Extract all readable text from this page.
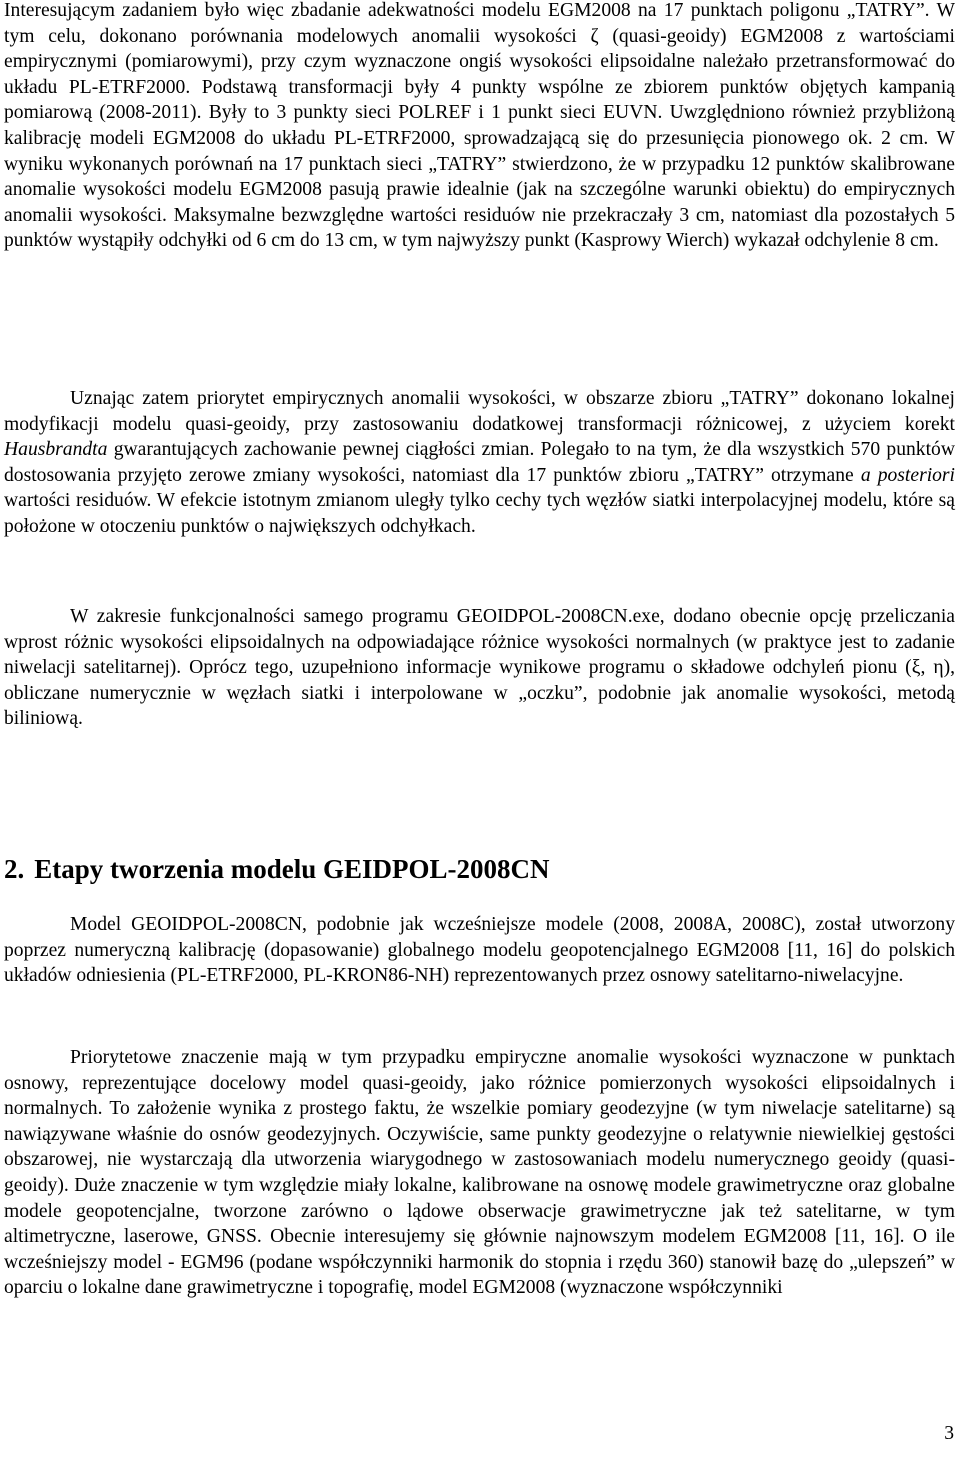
Interesującym zadaniem było więc zbadanie adekwatności modelu EGM2008 na 17 punktach poligonu „TATRY”. W tym celu, dokonano porównania modelowych anomalii wysokości ζ (quasi-geoidy) EGM2008 z wartościami empirycznymi (pomiarowymi), przy czym wyznaczone ongiś wysokości elipsoidalne należało przetransformować do układu PL-ETRF2000. Podstawą transformacji były 4 punkty wspólne ze zbiorem punktów objętych kampanią pomiarową (2008-2011). Były to 3 punkty sieci POLREF i 1 punkt sieci EUVN. Uwzględniono również przybliżoną kalibrację modeli EGM2008 do układu PL-ETRF2000, sprowadzającą się do przesunięcia pionowego ok. 2 cm. W wyniku wykonanych porównań na 17 punktach sieci „TATRY” stwierdzono, że w przypadku 12 punktów skalibrowane anomalie wysokości modelu EGM2008 pasują prawie idealnie (jak na szczególne warunki obiektu) do empirycznych anomalii wysokości. Maksymalne bezwzględne wartości residuów nie przekraczały 3 cm, natomiast dla pozostałych 5 punktów wystąpiły odchyłki od 6 cm do 13 cm, w tym najwyższy punkt (Kasprowy Wierch) wykazał odchylenie 8 cm.

Uznając zatem priorytet empirycznych anomalii wysokości, w obszarze zbioru „TATRY” dokonano lokalnej modyfikacji modelu quasi-geoidy, przy zastosowaniu dodatkowej transformacji różnicowej, z użyciem korekt Hausbrandta gwarantujących zachowanie pewnej ciągłości zmian. Polegało to na tym, że dla wszystkich 570 punktów dostosowania przyjęto zerowe zmiany wysokości, natomiast dla 17 punktów zbioru „TATRY” otrzymane a posteriori wartości residuów. W efekcie istotnym zmianom uległy tylko cechy tych węzłów siatki interpolacyjnej modelu, które są położone w otoczeniu punktów o największych odchyłkach.

W zakresie funkcjonalności samego programu GEOIDPOL-2008CN.exe, dodano obecnie opcję przeliczania wprost różnic wysokości elipsoidalnych na odpowiadające różnice wysokości normalnych (w praktyce jest to zadanie niwelacji satelitarnej). Oprócz tego, uzupełniono informacje wynikowe programu o składowe odchyleń pionu (ξ, η), obliczane numerycznie w węzłach siatki i interpolowane w „oczku”, podobnie jak anomalie wysokości, metodą biliniową.

2. Etapy tworzenia modelu GEIDPOL-2008CN

Model GEOIDPOL-2008CN, podobnie jak wcześniejsze modele (2008, 2008A, 2008C), został utworzony poprzez numeryczną kalibrację (dopasowanie) globalnego modelu geopotencjalnego EGM2008 [11, 16] do polskich układów odniesienia (PL-ETRF2000, PL-KRON86-NH) reprezentowanych przez osnowy satelitarno-niwelacyjne.

Priorytetowe znaczenie mają w tym przypadku empiryczne anomalie wysokości wyznaczone w punktach osnowy, reprezentujące docelowy model quasi-geoidy, jako różnice pomierzonych wysokości elipsoidalnych i normalnych. To założenie wynika z prostego faktu, że wszelkie pomiary geodezyjne (w tym niwelacje satelitarne) są nawiązywane właśnie do osnów geodezyjnych. Oczywiście, same punkty geodezyjne o relatywnie niewielkiej gęstości obszarowej, nie wystarczają dla utworzenia wiarygodnego w zastosowaniach modelu numerycznego geoidy (quasi-geoidy). Duże znaczenie w tym względzie miały lokalne, kalibrowane na osnowę modele grawimetryczne oraz globalne modele geopotencjalne, tworzone zarówno o lądowe obserwacje grawimetryczne jak też satelitarne, w tym altimetryczne, laserowe, GNSS. Obecnie interesujemy się głównie najnowszym modelem EGM2008 [11, 16]. O ile wcześniejszy model - EGM96 (podane współczynniki harmonik do stopnia i rzędu 360) stanowił bazę do „ulepszeń” w oparciu o lokalne dane grawimetryczne i topografię, model EGM2008 (wyznaczone współczynniki

3
